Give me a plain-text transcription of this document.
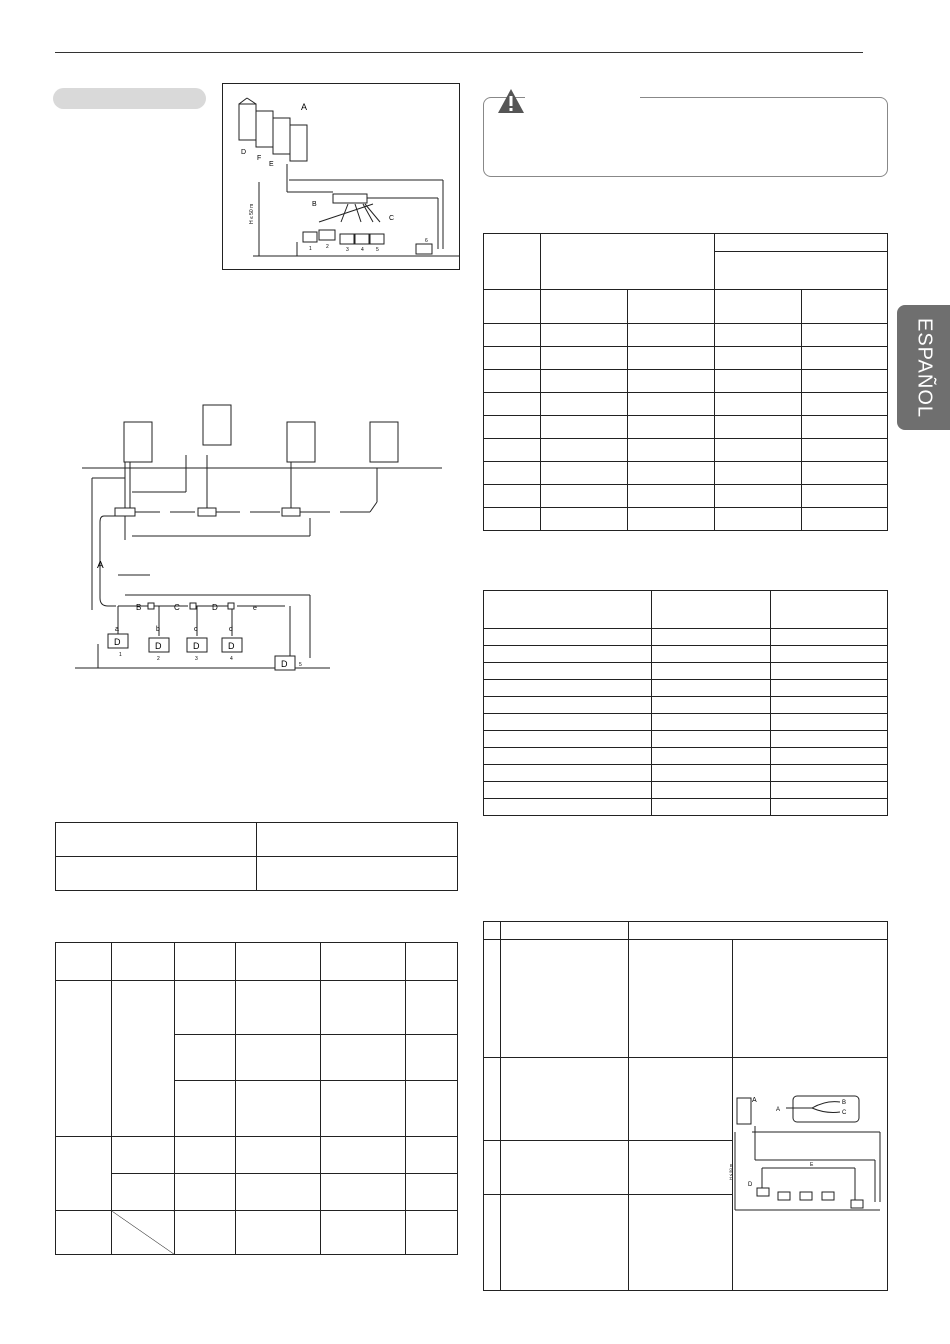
A
B
C
D
E
F
H ≤ 50 m
1	2	3 4 5
6
ESPAÑOL
A
B	C	D
a	b	c	d
e
D	D	D	D
D
1
2	3	4
5

A
A
B
C
D
E
H ≤ 50 m
